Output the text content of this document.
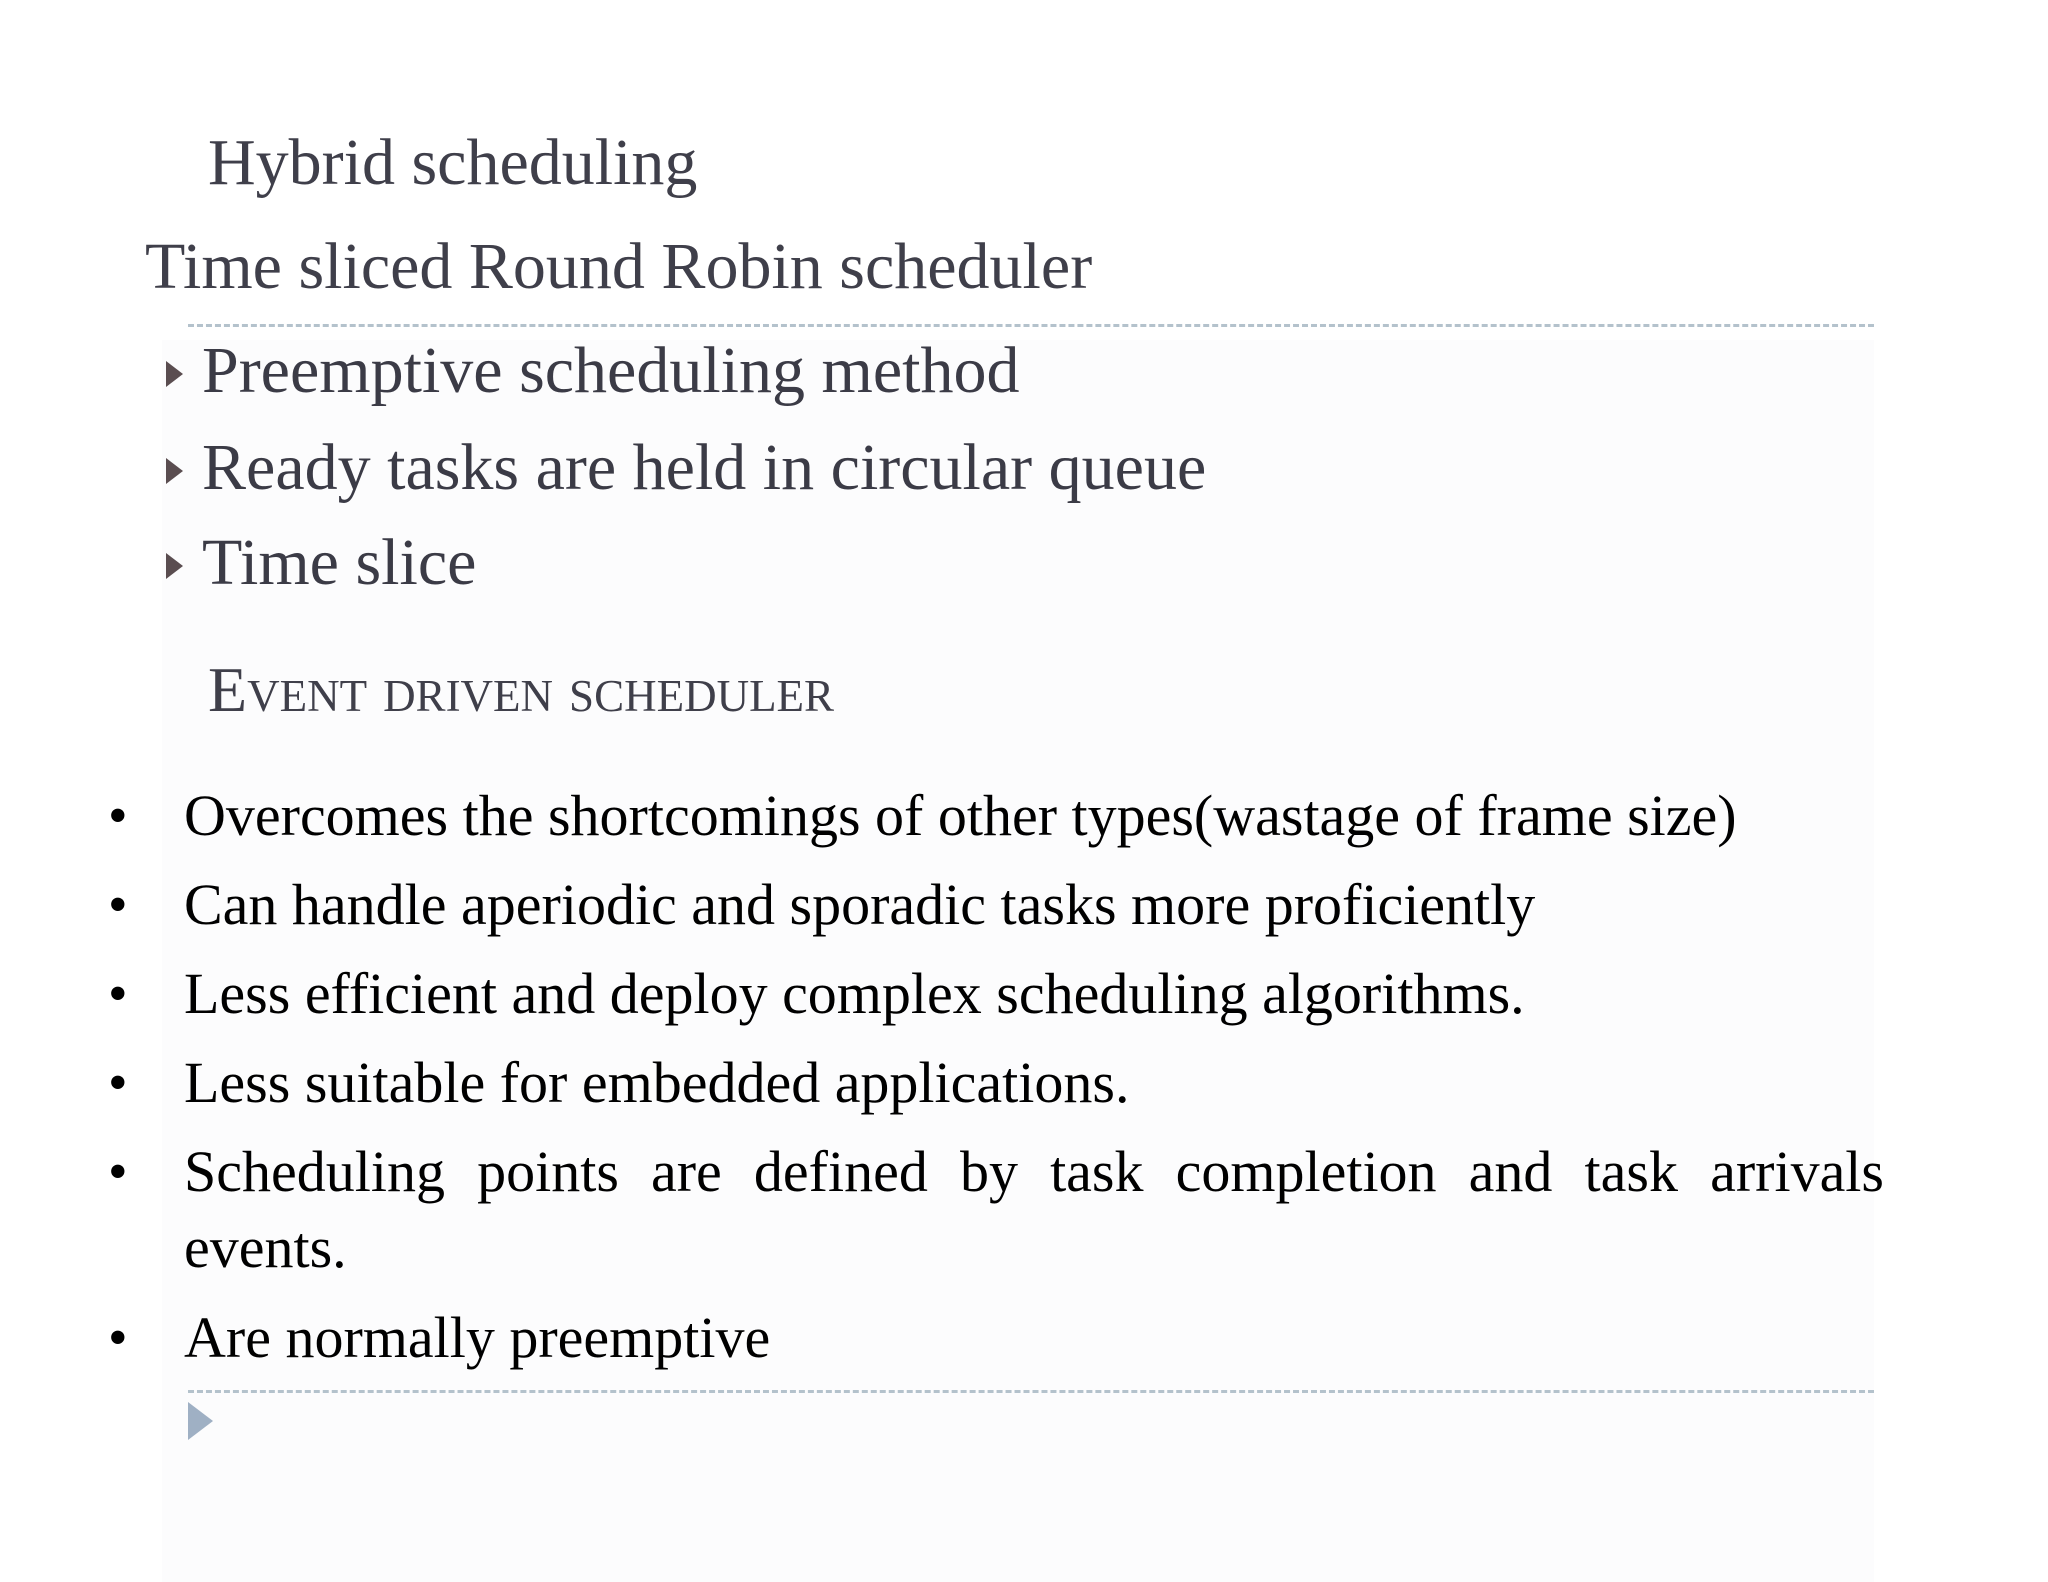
Hybrid scheduling
Time sliced Round Robin scheduler
Preemptive scheduling method
Ready tasks are held in circular queue
Time slice
Event driven scheduler
• Overcomes the shortcomings of other types(wastage of frame size)
• Can handle aperiodic and sporadic tasks more proficiently
• Less efficient and deploy complex scheduling algorithms.
• Less suitable for embedded applications.
• Scheduling points are defined by task completion and task arrivals events.
• Are normally preemptive
